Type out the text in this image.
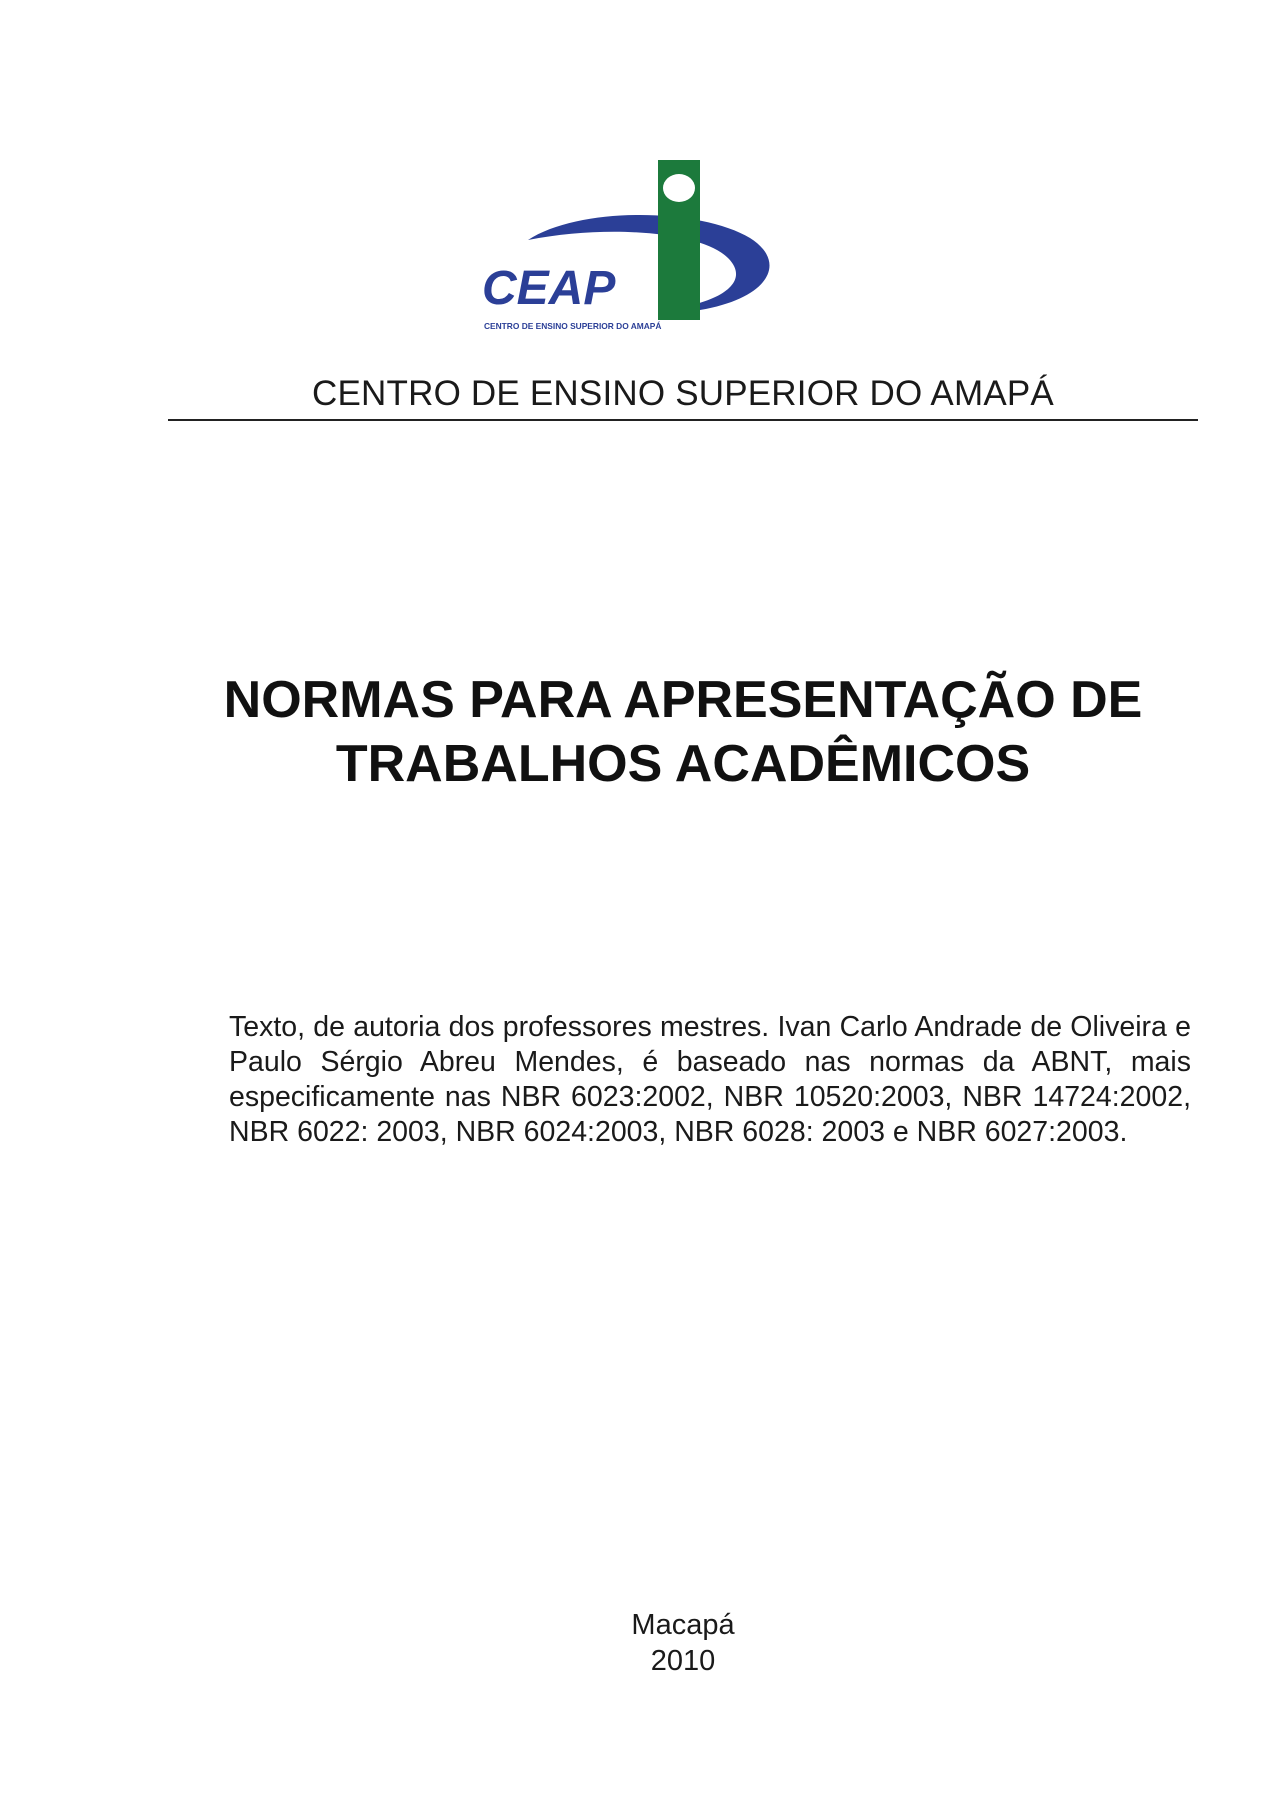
CEAP
CENTRO DE ENSINO SUPERIOR DO AMAPÁ
CENTRO DE ENSINO SUPERIOR DO AMAPÁ
NORMAS PARA APRESENTAÇÃO DE
TRABALHOS ACADÊMICOS
Texto, de autoria dos professores mestres. Ivan Carlo Andrade de Oliveira e Paulo Sérgio Abreu Mendes, é baseado nas normas da ABNT, mais especificamente nas NBR 6023:2002, NBR 10520:2003, NBR 14724:2002, NBR 6022: 2003, NBR 6024:2003, NBR 6028: 2003 e NBR 6027:2003.
Macapá
2010
